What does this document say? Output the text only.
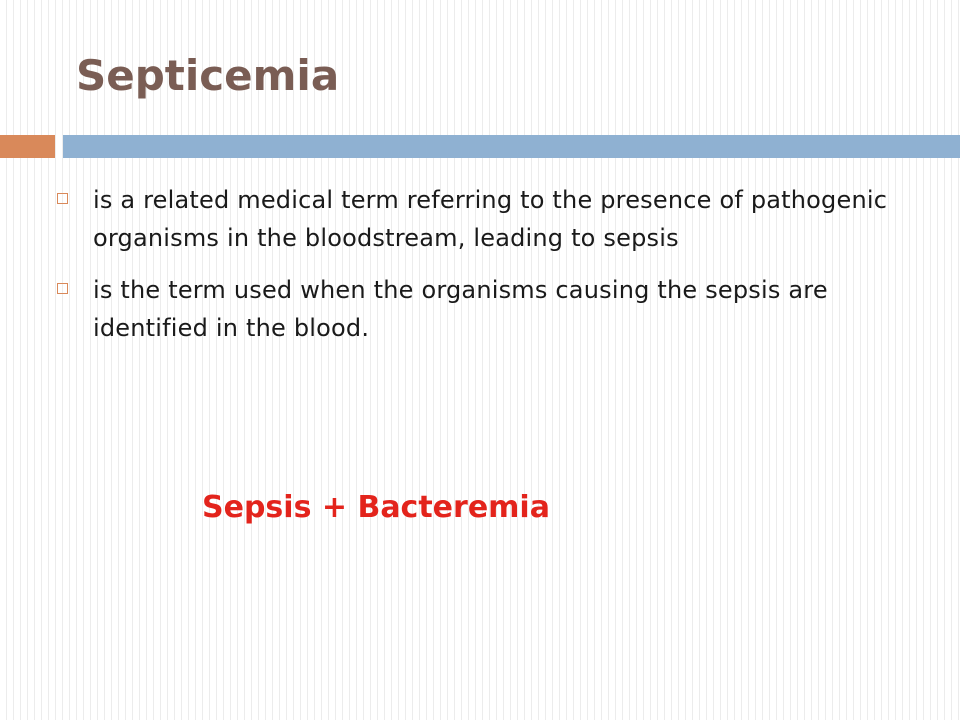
Septicemia
is a related medical term referring to the presence of pathogenic organisms in the bloodstream, leading to sepsis
is the term used when the organisms causing the sepsis are identified in the blood.
Sepsis + Bacteremia
